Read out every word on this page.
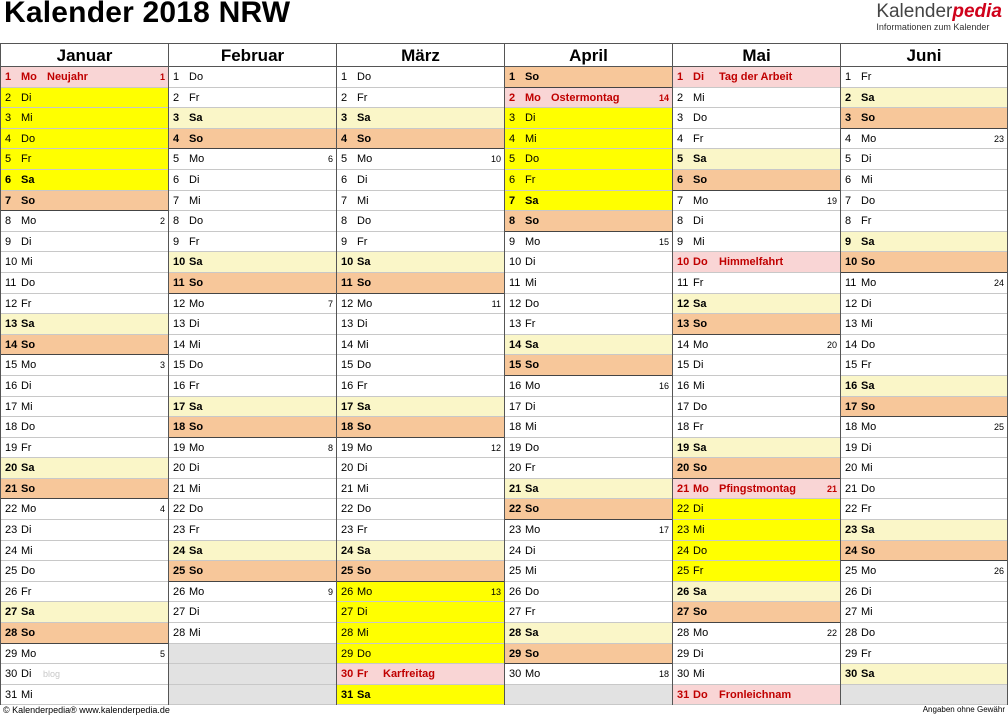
Kalender 2018 NRW	Kalenderpedia
Informationen zum Kalender
Januar
1 Mo Neujahr	1
2 Di
3 Mi
4 Do
5 Fr
6 Sa
7 So
8 Mo	2
9 Di
10 Mi
11 Do
12 Fr
13 Sa
14 So
15 Mo	3
16 Di
17 Mi
18 Do
19 Fr
20 Sa
21 So
22 Mo	4
23 Di
24 Mi
25 Do
26 Fr
27 Sa
28 So
29 Mo	5
30 Di blog
31 Mi
Februar
1 Do
2 Fr
3 Sa
4 So
5 Mo	6
6 Di
7 Mi
8 Do
9 Fr
10 Sa
11 So
12 Mo	7
13 Di
14 Mi
15 Do
16 Fr
17 Sa
18 So
19 Mo	8
20 Di
21 Mi
22 Do
23 Fr
24 Sa
25 So
26 Mo	9
27 Di
28 Mi
März
1 Do
2 Fr
3 Sa
4 So
5 Mo	10
6 Di
7 Mi
8 Do
9 Fr
10 Sa
11 So
12 Mo	11
13 Di
14 Mi
15 Do
16 Fr
17 Sa
18 So
19 Mo	12
20 Di
21 Mi
22 Do
23 Fr
24 Sa
25 So
26 Mo	13
27 Di
28 Mi
29 Do
30 Fr Karfreitag
31 Sa
April
1 So
2 Mo Ostermontag	14
3 Di
4 Mi
5 Do
6 Fr
7 Sa
8 So
9 Mo	15
10 Di
11 Mi
12 Do
13 Fr
14 Sa
15 So
16 Mo	16
17 Di
18 Mi
19 Do
20 Fr
21 Sa
22 So
23 Mo	17
24 Di
25 Mi
26 Do
27 Fr
28 Sa
29 So
30 Mo	18
Mai
1 Di Tag der Arbeit
2 Mi
3 Do
4 Fr
5 Sa
6 So
7 Mo	19
8 Di
9 Mi
10 Do Himmelfahrt
11 Fr
12 Sa
13 So
14 Mo	20
15 Di
16 Mi
17 Do
18 Fr
19 Sa
20 So
21 Mo Pfingstmontag	21
22 Di
23 Mi
24 Do
25 Fr
26 Sa
27 So
28 Mo	22
29 Di
30 Mi
31 Do Fronleichnam
Juni
1 Fr
2 Sa
3 So
4 Mo	23
5 Di
6 Mi
7 Do
8 Fr
9 Sa
10 So
11 Mo	24
12 Di
13 Mi
14 Do
15 Fr
16 Sa
17 So
18 Mo	25
19 Di
20 Mi
21 Do
22 Fr
23 Sa
24 So
25 Mo	26
26 Di
27 Mi
28 Do
29 Fr
30 Sa
© Kalenderpedia® www.kalenderpedia.de	Angaben ohne Gewähr
